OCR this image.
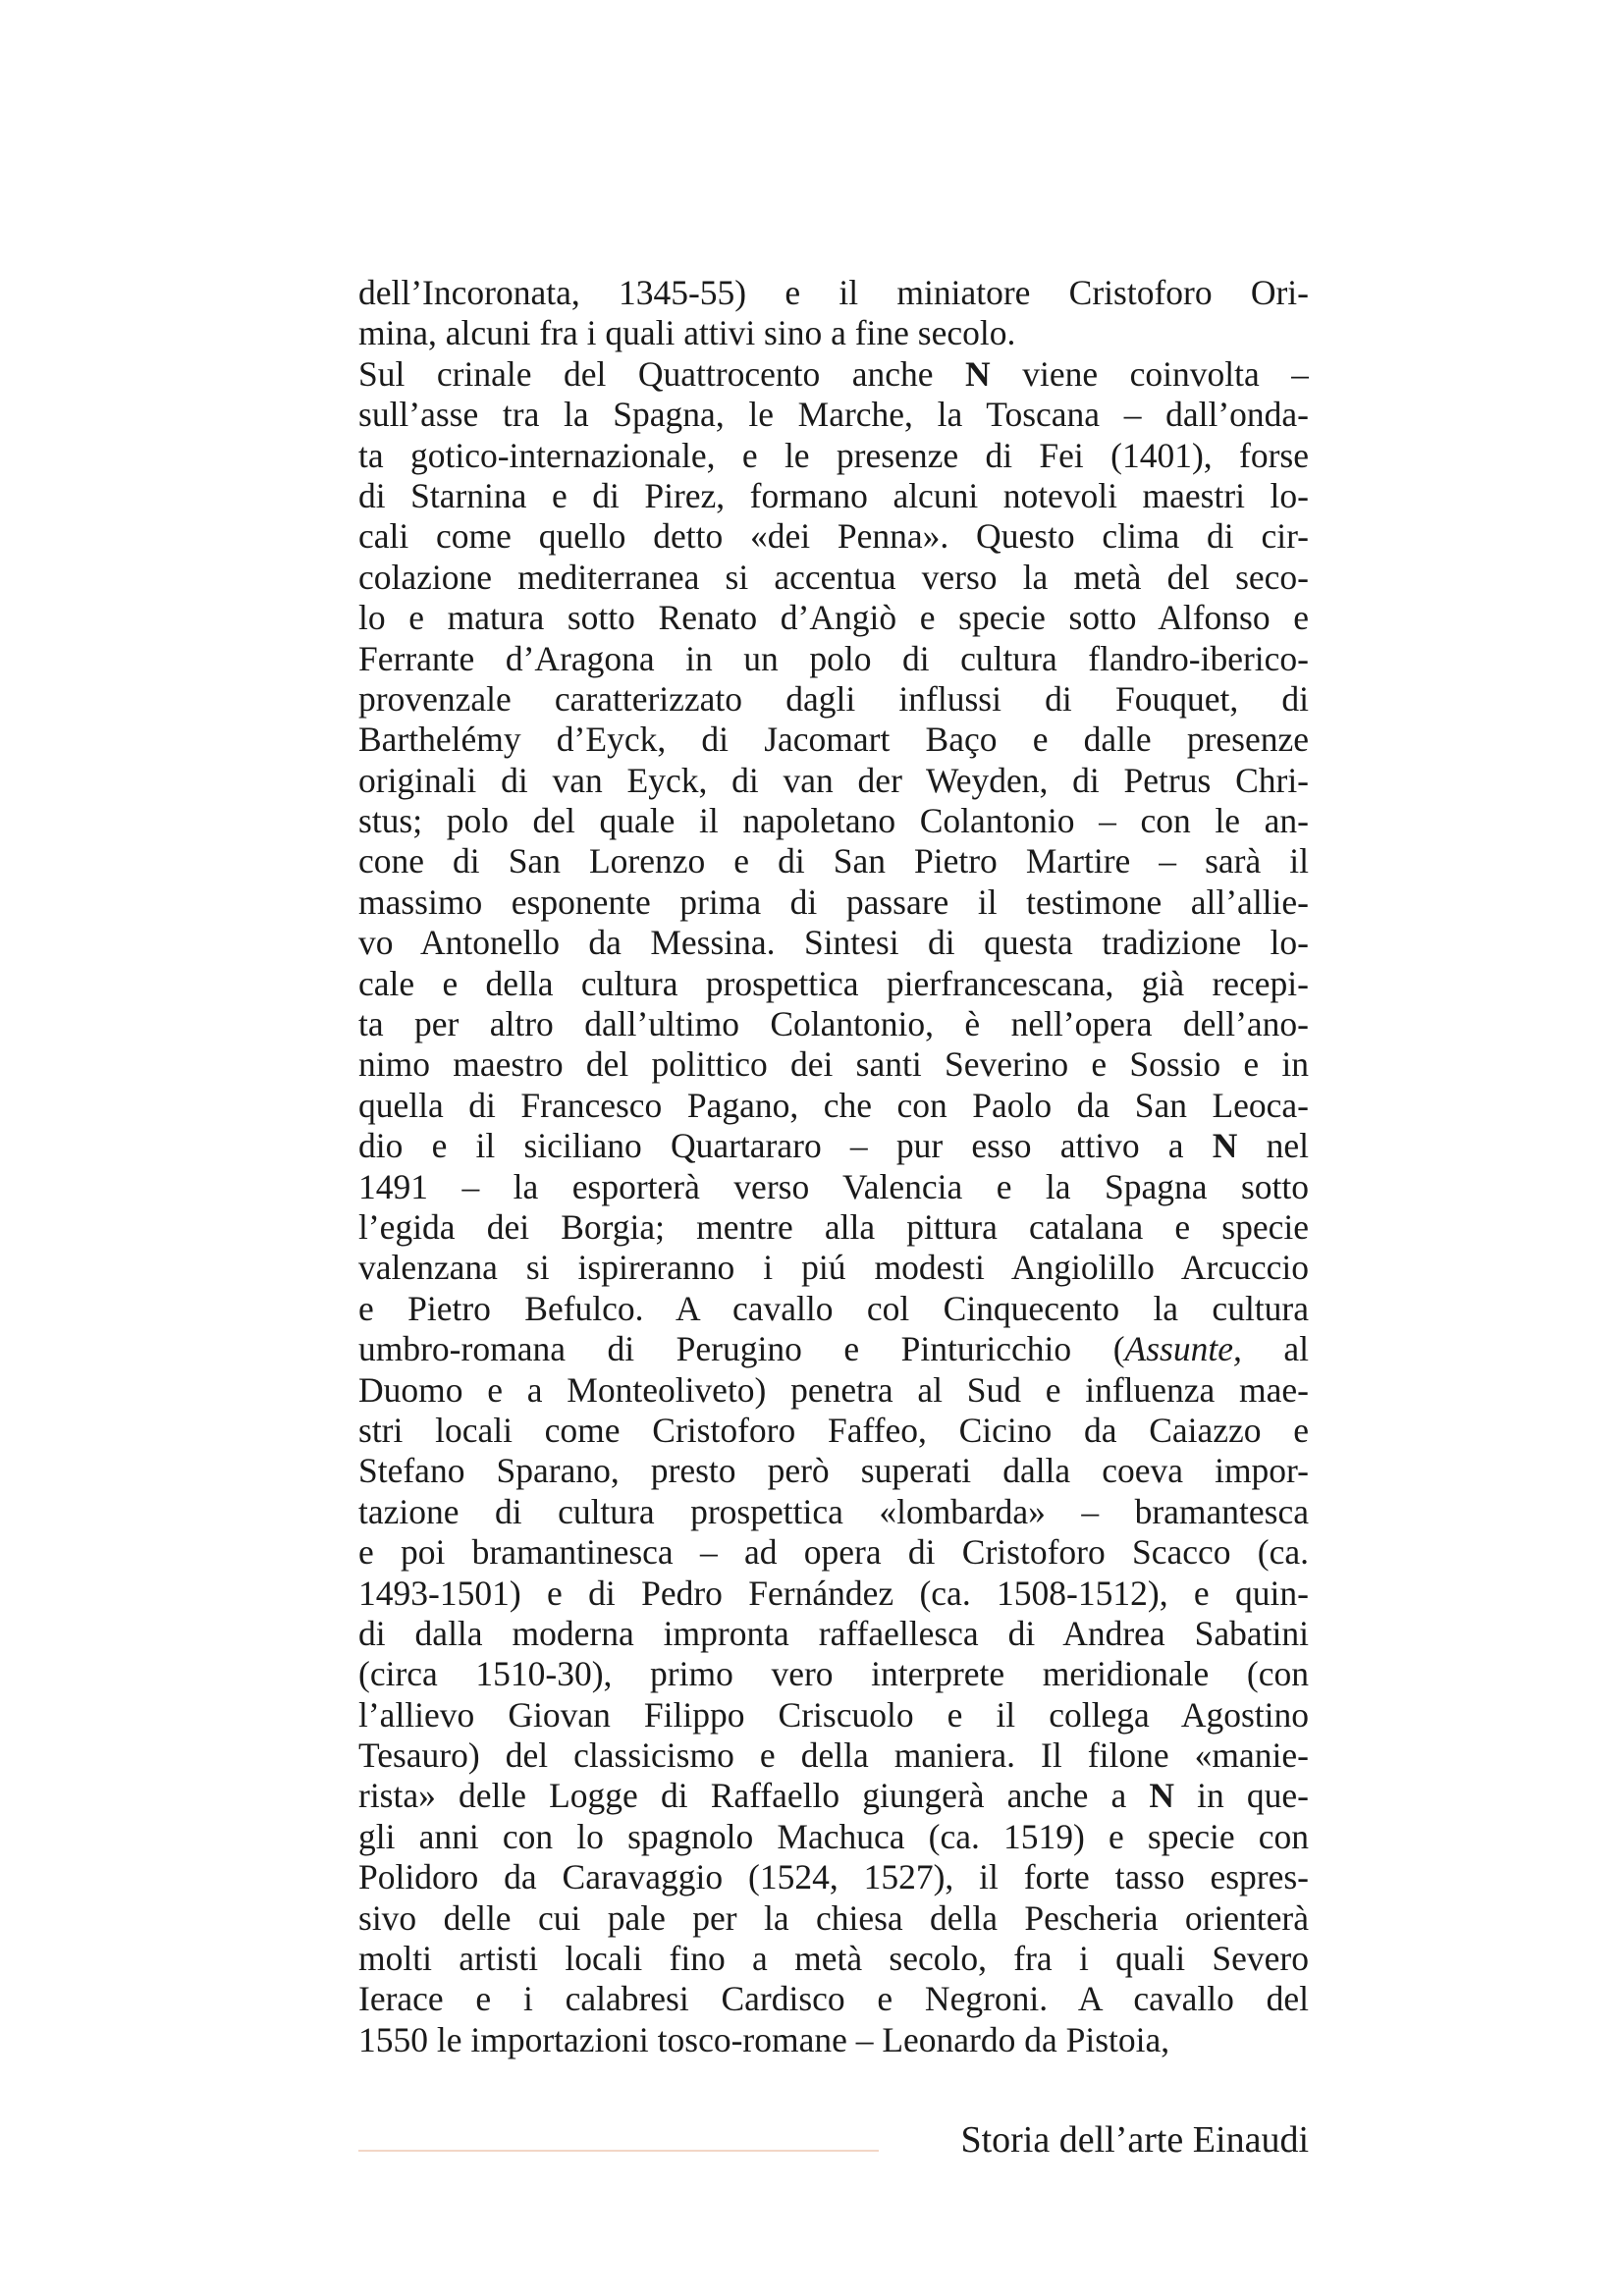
dell’Incoronata, 1345-55) e il miniatore Cristoforo Ori-
mina, alcuni fra i quali attivi sino a fine secolo.
Sul crinale del Quattrocento anche N viene coinvolta –
sull’asse tra la Spagna, le Marche, la Toscana – dall’onda-
ta gotico-internazionale, e le presenze di Fei (1401), forse
di Starnina e di Pirez, formano alcuni notevoli maestri lo-
cali come quello detto «dei Penna». Questo clima di cir-
colazione mediterranea si accentua verso la metà del seco-
lo e matura sotto Renato d’Angiò e specie sotto Alfonso e
Ferrante d’Aragona in un polo di cultura flandro-iberico-
provenzale caratterizzato dagli influssi di Fouquet, di
Barthelémy d’Eyck, di Jacomart Baço e dalle presenze
originali di van Eyck, di van der Weyden, di Petrus Chri-
stus; polo del quale il napoletano Colantonio – con le an-
cone di San Lorenzo e di San Pietro Martire – sarà il
massimo esponente prima di passare il testimone all’allie-
vo Antonello da Messina. Sintesi di questa tradizione lo-
cale e della cultura prospettica pierfrancescana, già recepi-
ta per altro dall’ultimo Colantonio, è nell’opera dell’ano-
nimo maestro del polittico dei santi Severino e Sossio e in
quella di Francesco Pagano, che con Paolo da San Leoca-
dio e il siciliano Quartararo – pur esso attivo a N nel
1491 – la esporterà verso Valencia e la Spagna sotto
l’egida dei Borgia; mentre alla pittura catalana e specie
valenzana si ispireranno i piú modesti Angiolillo Arcuccio
e Pietro Befulco. A cavallo col Cinquecento la cultura
umbro-romana di Perugino e Pinturicchio (Assunte, al
Duomo e a Monteoliveto) penetra al Sud e influenza mae-
stri locali come Cristoforo Faffeo, Cicino da Caiazzo e
Stefano Sparano, presto però superati dalla coeva impor-
tazione di cultura prospettica «lombarda» – bramantesca
e poi bramantinesca – ad opera di Cristoforo Scacco (ca.
1493-1501) e di Pedro Fernández (ca. 1508-1512), e quin-
di dalla moderna impronta raffaellesca di Andrea Sabatini
(circa 1510-30), primo vero interprete meridionale (con
l’allievo Giovan Filippo Criscuolo e il collega Agostino
Tesauro) del classicismo e della maniera. Il filone «manie-
rista» delle Logge di Raffaello giungerà anche a N in que-
gli anni con lo spagnolo Machuca (ca. 1519) e specie con
Polidoro da Caravaggio (1524, 1527), il forte tasso espres-
sivo delle cui pale per la chiesa della Pescheria orienterà
molti artisti locali fino a metà secolo, fra i quali Severo
Ierace e i calabresi Cardisco e Negroni. A cavallo del
1550 le importazioni tosco-romane – Leonardo da Pistoia,
Storia dell’arte Einaudi
